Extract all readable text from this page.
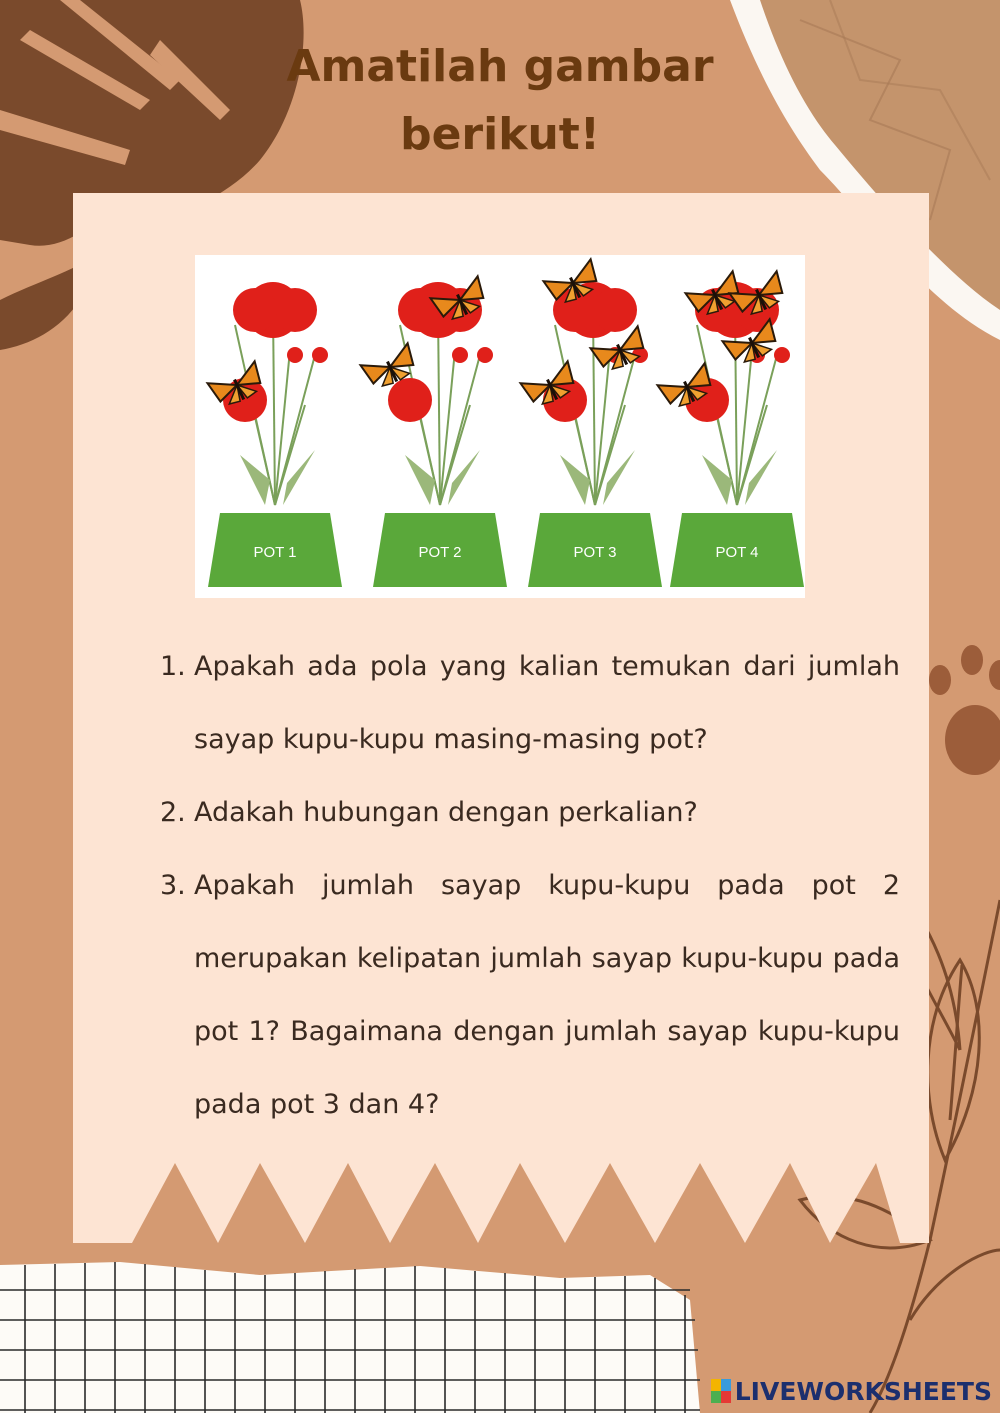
Amatilah gambar
berikut!
POT 1	POT 2	POT 3	POT 4
1. Apakah ada pola yang kalian temukan dari jumlah sayap kupu-kupu masing-masing pot?
2. Adakah hubungan dengan perkalian?
3. Apakah jumlah sayap kupu-kupu pada pot 2 merupakan kelipatan jumlah sayap kupu-kupu pada pot 1? Bagaimana dengan jumlah sayap kupu-kupu pada pot 3 dan 4?
LIVEWORKSHEETS
